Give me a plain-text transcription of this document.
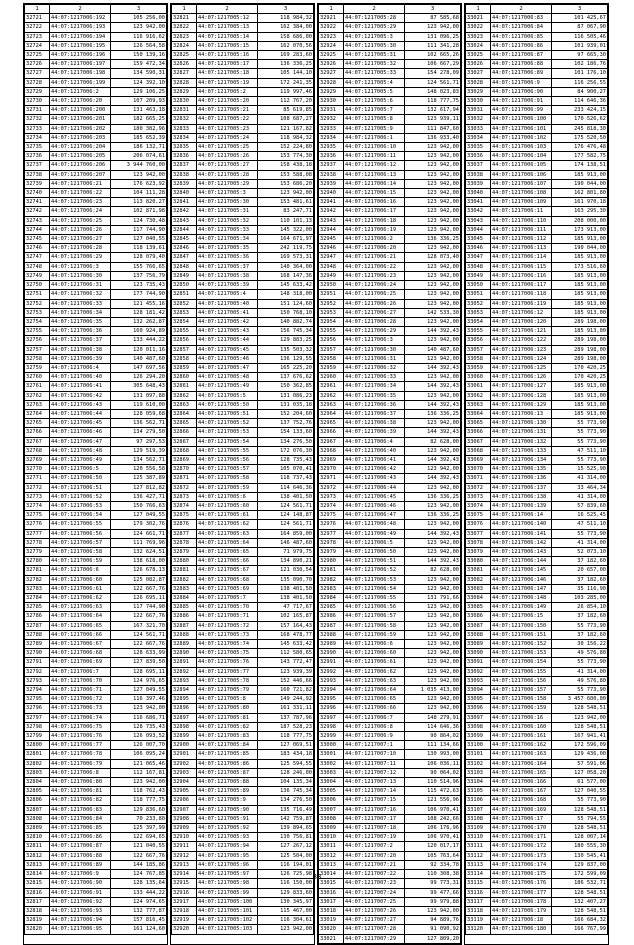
1	2	3
32721	44:07:1217006:192	105 256,00
32722	44:07:1217006:193	123 942,00
32723	44:07:1217006:194	116 916,62
32724	44:07:1217006:195	126 564,58
32725	44:07:1217006:196	150 139,16
32726	44:07:1217006:197	159 472,34
32727	44:07:1217006:198	134 590,31
32728	44:07:1217006:199	124 392,10
32729	44:07:1217006:2	129 106,25
32730	44:07:1217006:20	107 209,93
32731	44:07:1217006:200	131 463,18
32732	44:07:1217006:201	182 665,25
32733	44:07:1217006:202	180 382,96
32734	44:07:1217006:203	185 652,39
32735	44:07:1217006:204	186 132,71
32736	44:07:1217006:205	206 074,61
32737	44:07:1217006:206	3 944 760,00
32738	44:07:1217006:207	123 942,00
32739	44:07:1217006:21	176 623,92
32740	44:07:1217006:22	104 111,28
32741	44:07:1217006:23	113 820,27
32742	44:07:1217006:24	102 871,98
32743	44:07:1217006:25	124 730,48
32744	44:07:1217006:26	117 744,90
32745	44:07:1217006:27	127 040,55
32746	44:07:1217006:28	118 139,61
32747	44:07:1217006:29	128 079,40
32748	44:07:1217006:3	155 766,65
32749	44:07:1217006:30	137 756,79
32750	44:07:1217006:31	123 735,43
32751	44:07:1217006:32	177 744,90
32752	44:07:1217006:33	121 455,16
32753	44:07:1217006:34	128 181,42
32754	44:07:1217006:35	132 262,87
32755	44:07:1217006:36	160 924,89
32756	44:07:1217006:37	133 444,22
32757	44:07:1217006:38	120 011,16
32758	44:07:1217006:39	140 487,60
32759	44:07:1217006:4	147 697,56
32760	44:07:1217006:40	126 294,20
32761	44:07:1217006:41	305 648,43
32762	44:07:1217006:42	131 097,88
32763	44:07:1217006:43	119 610,00
32764	44:07:1217006:44	128 059,68
32765	44:07:1217006:45	136 562,71
32766	44:07:1217006:46	134 279,50
32767	44:07:1217006:47	97 297,53
32768	44:07:1217006:48	129 519,39
32769	44:07:1217006:49	134 562,71
32770	44:07:1217006:5	120 556,58
32771	44:07:1217006:50	125 387,89
32772	44:07:1217006:51	127 812,82
32773	44:07:1217006:52	136 427,71
32774	44:07:1217006:53	150 766,63
32775	44:07:1217006:54	127 049,55
32776	44:07:1217006:55	179 302,76
32777	44:07:1217006:56	124 661,71
32778	44:07:1217006:57	111 769,96
32779	44:07:1217006:58	132 624,51
32780	44:07:1217006:59	138 618,00
32781	44:07:1217006:6	126 678,13
32782	44:07:1217006:60	125 082,87
32783	44:07:1217006:61	122 667,76
32784	44:07:1217006:62	126 695,11
32785	44:07:1217006:63	117 744,90
32786	44:07:1217006:64	122 667,76
32787	44:07:1217006:65	167 321,70
32788	44:07:1217006:66	124 561,71
32789	44:07:1217006:67	122 667,76
32790	44:07:1217006:68	128 633,99
32791	44:07:1217006:69	127 839,50
32792	44:07:1217006:7	128 695,11
32793	44:07:1217006:70	124 976,65
32794	44:07:1217006:71	127 049,55
32795	44:07:1217006:72	116 397,46
32796	44:07:1217006:73	123 942,00
32797	44:07:1217006:74	116 686,71
32798	44:07:1217006:75	128 735,43
32799	44:07:1217006:76	126 093,52
32800	44:07:1217006:77	126 007,70
32801	44:07:1217006:78	106 095,24
32802	44:07:1217006:79	121 065,46
32803	44:07:1217006:8	112 167,81
32804	44:07:1217006:80	123 942,00
32805	44:07:1217006:81	118 762,43
32806	44:07:1217006:82	118 777,75
32807	44:07:1217006:83	129 836,60
32808	44:07:1217006:84	70 233,80
32809	44:07:1217006:85	125 397,99
32810	44:07:1217006:86	122 694,65
32811	44:07:1217006:87	121 040,55
32812	44:07:1217006:88	122 667,76
32813	44:07:1217006:89	144 185,86
32814	44:07:1217006:9	124 767,85
32815	44:07:1217006:90	128 135,64
32816	44:07:1217006:91	133 444,22
32817	44:07:1217006:92	124 974,65
32818	44:07:1217006:93	132 777,87
32819	44:07:1217006:94	157 816,45
32820	44:07:1217006:95	161 124,60
1	2	3
32821	44:07:1217005:12	118 984,32
32822	44:07:1217005:13	162 384,00
32823	44:07:1217005:14	158 686,00
32824	44:07:1217005:15	162 070,56
32825	44:07:1217005:16	169 283,60
32826	44:07:1217005:17	136 336,25
32827	44:07:1217005:18	105 144,10
32828	44:07:1217005:19	172 241,35
32829	44:07:1217005:2	119 997,46
32830	44:07:1217005:20	112 767,20
32831	44:07:1217005:21	85 619,85
32832	44:07:1217005:22	108 687,27
32833	44:07:1217005:23	121 167,82
32834	44:07:1217005:24	118 984,32
32835	44:07:1217005:25	152 224,80
32836	44:07:1217005:26	153 774,30
32837	44:07:1217005:27	158 438,18
32838	44:07:1217005:28	153 588,08
32839	44:07:1217005:29	153 686,20
32840	44:07:1217005:3	123 942,00
32841	44:07:1217005:30	153 481,61
32842	44:07:1217005:31	83 247,71
32843	44:07:1217005:32	110 101,13
32844	44:07:1217005:33	145 322,00
32845	44:07:1217005:34	164 671,97
32846	44:07:1217005:35	242 119,75
32847	44:07:1217005:36	169 573,31
32848	44:07:1217005:37	140 364,00
32849	44:07:1217005:38	168 147,36
32850	44:07:1217005:39	145 633,42
32851	44:07:1217005:4	148 318,00
32852	44:07:1217005:40	151 124,60
32853	44:07:1217005:41	150 768,10
32854	44:07:1217005:42	140 882,74
32855	44:07:1217005:43	156 745,34
32856	44:07:1217005:44	129 883,25
32857	44:07:1217005:45	135 503,32
32858	44:07:1217005:46	136 129,55
32859	44:07:1217005:47	165 225,20
32860	44:07:1217005:48	137 676,62
32861	44:07:1217005:49	150 362,85
32862	44:07:1217005:5	131 086,23
32863	44:07:1217005:50	131 035,18
32864	44:07:1217005:51	152 204,60
32865	44:07:1217005:52	137 752,76
32866	44:07:1217005:53	154 133,60
32867	44:07:1217005:54	134 276,50
32868	44:07:1217005:55	172 076,30
32869	44:07:1217005:56	128 735,43
32870	44:07:1217005:57	105 070,41
32871	44:07:1217005:58	118 737,43
32872	44:07:1217005:59	114 646,36
32873	44:07:1217005:6	138 401,50
32874	44:07:1217005:60	124 561,71
32875	44:07:1217005:61	124 148,87
32876	44:07:1217005:62	124 561,71
32877	44:07:1217005:63	164 859,00
32878	44:07:1217005:64	146 487,60
32879	44:07:1217005:65	71 979,75
32880	44:07:1217005:66	134 890,21
32881	44:07:1217005:67	121 030,54
32882	44:07:1217005:68	135 090,70
32883	44:07:1217005:69	138 401,50
32884	44:07:1217005:7	138 401,50
32885	44:07:1217005:70	47 717,67
32886	44:07:1217005:71	102 165,87
32887	44:07:1217005:72	157 164,43
32888	44:07:1217005:73	168 478,77
32889	44:07:1217005:74	145 633,42
32890	44:07:1217005:75	112 580,65
32891	44:07:1217005:76	143 772,47
32892	44:07:1217005:77	123 939,39
32893	44:07:1217005:78	152 446,66
32894	44:07:1217005:79	160 721,82
32895	44:07:1217005:8	149 244,92
32896	44:07:1217005:80	161 331,11
32897	44:07:1217005:81	137 787,96
32898	44:07:1217005:82	187 528,23
32899	44:07:1217005:83	118 777,75
32900	44:07:1217005:84	127 069,51
32901	44:07:1217005:85	183 434,18
32902	44:07:1217005:86	125 594,55
32903	44:07:1217005:87	128 246,00
32904	44:07:1217005:88	104 135,34
32905	44:07:1217005:89	136 745,34
32906	44:07:1217005:9	134 276,50
32907	44:07:1217005:90	135 716,49
32908	44:07:1217005:91	142 759,87
32909	44:07:1217005:92	139 894,65
32910	44:07:1217005:93	130 756,81
32911	44:07:1217005:94	127 267,12
32912	44:07:1217005:95	125 504,00
32913	44:07:1217005:96	116 194,01
32914	44:07:1217005:97	126 725,98
32915	44:07:1217005:98	116 150,00
32916	44:07:1217005:99	129 833,60
32917	44:07:1217005:100	130 345,97
32918	44:07:1217005:101	115 467,00
32919	44:07:1217005:102	116 304,61
32920	44:07:1217005:103	123 942,00
1	2	3
32921	44:07:1217005:28	87 585,68
32922	44:07:1217005:29	123 942,00
32923	44:07:1217005:3	131 096,25
32924	44:07:1217005:30	111 341,28
32925	44:07:1217005:31	102 665,26
32926	44:07:1217005:32	106 667,29
32927	44:07:1217005:33	154 278,09
32928	44:07:1217005:4	124 561,71
32929	44:07:1217005:5	148 023,83
32930	44:07:1217005:6	118 777,75
32931	44:07:1217005:7	132 617,94
32932	44:07:1217005:8	123 939,11
32933	44:07:1217005:9	111 847,60
32934	44:07:1217006:1	136 933,40
32935	44:07:1217006:10	123 942,00
32936	44:07:1217006:11	123 942,00
32937	44:07:1217006:12	123 942,00
32938	44:07:1217006:13	123 942,00
32939	44:07:1217006:14	123 942,00
32940	44:07:1217006:15	123 942,00
32941	44:07:1217006:16	123 942,00
32942	44:07:1217006:17	123 942,00
32943	44:07:1217006:18	123 942,00
32944	44:07:1217006:19	123 942,00
32945	44:07:1217006:2	136 336,25
32946	44:07:1217006:20	123 942,00
32947	44:07:1217006:21	128 073,40
32948	44:07:1217006:22	123 942,00
32949	44:07:1217006:23	123 942,00
32950	44:07:1217006:24	123 942,00
32951	44:07:1217006:25	123 942,00
32952	44:07:1217006:26	123 942,00
32953	44:07:1217006:27	142 533,30
32954	44:07:1217006:28	123 942,00
32955	44:07:1217006:29	144 392,43
32956	44:07:1217006:3	123 942,00
32957	44:07:1217006:30	140 487,60
32958	44:07:1217006:31	123 942,00
32959	44:07:1217006:32	144 392,43
32960	44:07:1217006:33	123 942,00
32961	44:07:1217006:34	144 392,43
32962	44:07:1217006:35	123 942,00
32963	44:07:1217006:36	144 392,43
32964	44:07:1217006:37	136 336,25
32965	44:07:1217006:38	123 942,00
32966	44:07:1217006:39	144 392,43
32967	44:07:1217006:4	82 628,00
32968	44:07:1217006:40	123 942,00
32969	44:07:1217006:41	144 392,43
32970	44:07:1217006:42	123 942,00
32971	44:07:1217006:43	144 392,43
32972	44:07:1217006:44	123 942,00
32973	44:07:1217006:45	136 336,25
32974	44:07:1217006:46	123 942,00
32975	44:07:1217006:47	136 336,25
32976	44:07:1217006:48	123 942,00
32977	44:07:1217006:49	144 392,43
32978	44:07:1217006:5	123 942,00
32979	44:07:1217006:50	123 942,00
32980	44:07:1217006:51	144 392,43
32981	44:07:1217006:52	82 628,00
32982	44:07:1217006:53	123 942,00
32983	44:07:1217006:54	123 942,00
32984	44:07:1217006:55	131 791,66
32985	44:07:1217006:56	123 942,00
32986	44:07:1217006:57	123 942,00
32987	44:07:1217006:58	123 942,00
32988	44:07:1217006:59	123 942,00
32989	44:07:1217006:6	123 942,00
32990	44:07:1217006:60	123 942,00
32991	44:07:1217006:61	123 942,00
32992	44:07:1217006:62	123 942,00
32993	44:07:1217006:63	123 942,00
32994	44:07:1217006:64	1 035 413,00
32995	44:07:1217006:65	123 942,00
32996	44:07:1217006:66	123 942,00
32997	44:07:1217006:7	148 279,91
32998	44:07:1217006:8	114 646,36
32999	44:07:1217006:9	90 864,02
33000	44:07:1217007:1	111 134,66
33001	44:07:1217007:10	130 993,00
33002	44:07:1217007:11	106 036,11
33003	44:07:1217007:12	90 064,02
33004	44:07:1217007:13	110 514,96
33005	44:07:1217007:14	115 472,63
33006	44:07:1217007:15	121 556,96
33007	44:07:1217007:16	106 970,41
33008	44:07:1217007:17	108 242,66
33009	44:07:1217007:18	106 176,96
33010	44:07:1217007:19	106 970,41
33011	44:07:1217007:2	120 017,17
33012	44:07:1217007:20	105 763,64
33013	44:07:1217007:21	92 334,78
33014	44:07:1217007:22	110 308,38
33015	44:07:1217007:23	99 773,31
33016	44:07:1217007:24	99 477,66
33017	44:07:1217007:25	99 979,88
33018	44:07:1217007:26	123 942,00
33019	44:07:1217007:27	94 889,76
33020	44:07:1217007:28	91 090,92
33021	44:07:1217007:29	127 809,20
1	2	3
33021	44:07:1217006:83	101 425,67
33022	44:07:1217006:84	87 067,90
33023	44:07:1217006:85	116 505,46
33024	44:07:1217006:86	101 939,01
33025	44:07:1217006:87	97 665,30
33026	44:07:1217006:88	102 186,76
33027	44:07:1217006:89	101 176,10
33028	44:07:1217006:9	116 256,55
33029	44:07:1217006:90	84 900,27
33030	44:07:1217006:91	114 646,36
33031	44:07:1217006:99	233 424,15
33032	44:07:1217006:100	170 526,62
33033	44:07:1217006:101	245 818,30
33034	44:07:1217006:102	175 520,50
33035	44:07:1217006:103	176 476,48
33036	44:07:1217006:104	177 582,75
33037	44:07:1217006:105	174 138,51
33038	44:07:1217006:106	185 913,00
33039	44:07:1217006:107	190 044,00
33040	44:07:1217006:108	162 801,80
33041	44:07:1217006:109	161 970,18
33042	44:07:1217006:11	163 295,30
33043	44:07:1217006:110	208 000,00
33044	44:07:1217006:111	173 913,00
33045	44:07:1217006:112	185 913,00
33046	44:07:1217006:113	190 044,00
33047	44:07:1217006:114	185 913,00
33048	44:07:1217006:115	173 516,60
33049	44:07:1217006:116	185 913,00
33050	44:07:1217006:117	185 913,00
33051	44:07:1217006:118	185 913,00
33052	44:07:1217006:119	185 913,00
33053	44:07:1217006:12	185 913,00
33054	44:07:1217006:120	289 198,00
33055	44:07:1217006:121	185 913,00
33056	44:07:1217006:122	289 198,00
33057	44:07:1217006:123	289 198,00
33058	44:07:1217006:124	289 198,00
33059	44:07:1217006:125	170 420,25
33060	44:07:1217006:126	170 420,25
33061	44:07:1217006:127	185 913,00
33062	44:07:1217006:128	185 913,00
33063	44:07:1217006:129	185 913,00
33064	44:07:1217006:13	185 913,00
33065	44:07:1217006:130	55 773,90
33066	44:07:1217006:131	55 773,90
33067	44:07:1217006:132	55 773,90
33068	44:07:1217006:133	47 511,10
33069	44:07:1217006:134	55 773,90
33070	44:07:1217006:135	15 525,90
33071	44:07:1217006:136	41 314,00
33072	44:07:1217006:137	33 464,34
33073	44:07:1217006:138	41 314,00
33074	44:07:1217006:139	57 839,60
33075	44:07:1217006:14	16 525,45
33076	44:07:1217006:140	47 511,10
33077	44:07:1217006:141	55 773,90
33078	44:07:1217006:142	41 314,00
33079	44:07:1217006:143	52 073,10
33080	44:07:1217006:144	37 182,60
33081	44:07:1217006:145	20 657,00
33082	44:07:1217006:146	37 182,60
33083	44:07:1217006:147	35 116,90
33084	44:07:1217006:148	103 285,00
33085	44:07:1217006:149	26 854,10
33086	44:07:1217006:15	37 182,60
33087	44:07:1217006:150	55 773,90
33088	44:07:1217006:151	37 182,60
33089	44:07:1217006:152	30 156,22
33090	44:07:1217006:153	49 576,80
33091	44:07:1217006:154	55 773,90
33092	44:07:1217006:155	41 314,00
33093	44:07:1217006:156	49 576,80
33094	44:07:1217006:157	55 773,90
33095	44:07:1217006:158	3 457 600,00
33096	44:07:1217006:159	128 548,51
33097	44:07:1217006:16	123 942,00
33098	44:07:1217006:160	128 548,51
33099	44:07:1217006:161	167 941,41
33100	44:07:1217006:162	172 596,09
33101	44:07:1217006:163	129 436,00
33102	44:07:1217006:164	57 591,06
33103	44:07:1217006:165	127 058,20
33104	44:07:1217006:166	61 577,00
33105	44:07:1217006:167	127 040,55
33106	44:07:1217006:168	55 773,90
33107	44:07:1217006:169	128 548,51
33108	44:07:1217006:17	55 794,55
33109	44:07:1217006:170	128 548,51
33110	44:07:1217006:171	128 007,14
33111	44:07:1217006:172	180 555,30
33112	44:07:1217006:173	130 545,41
33113	44:07:1217006:174	129 837,00
33114	44:07:1217006:175	172 599,09
33115	44:07:1217006:176	186 532,71
33116	44:07:1217006:177	128 548,51
33117	44:07:1217006:178	132 407,27
33118	44:07:1217006:179	128 548,51
33119	44:07:1217006:18	166 684,32
33120	44:07:1217006:180	166 767,99
83
